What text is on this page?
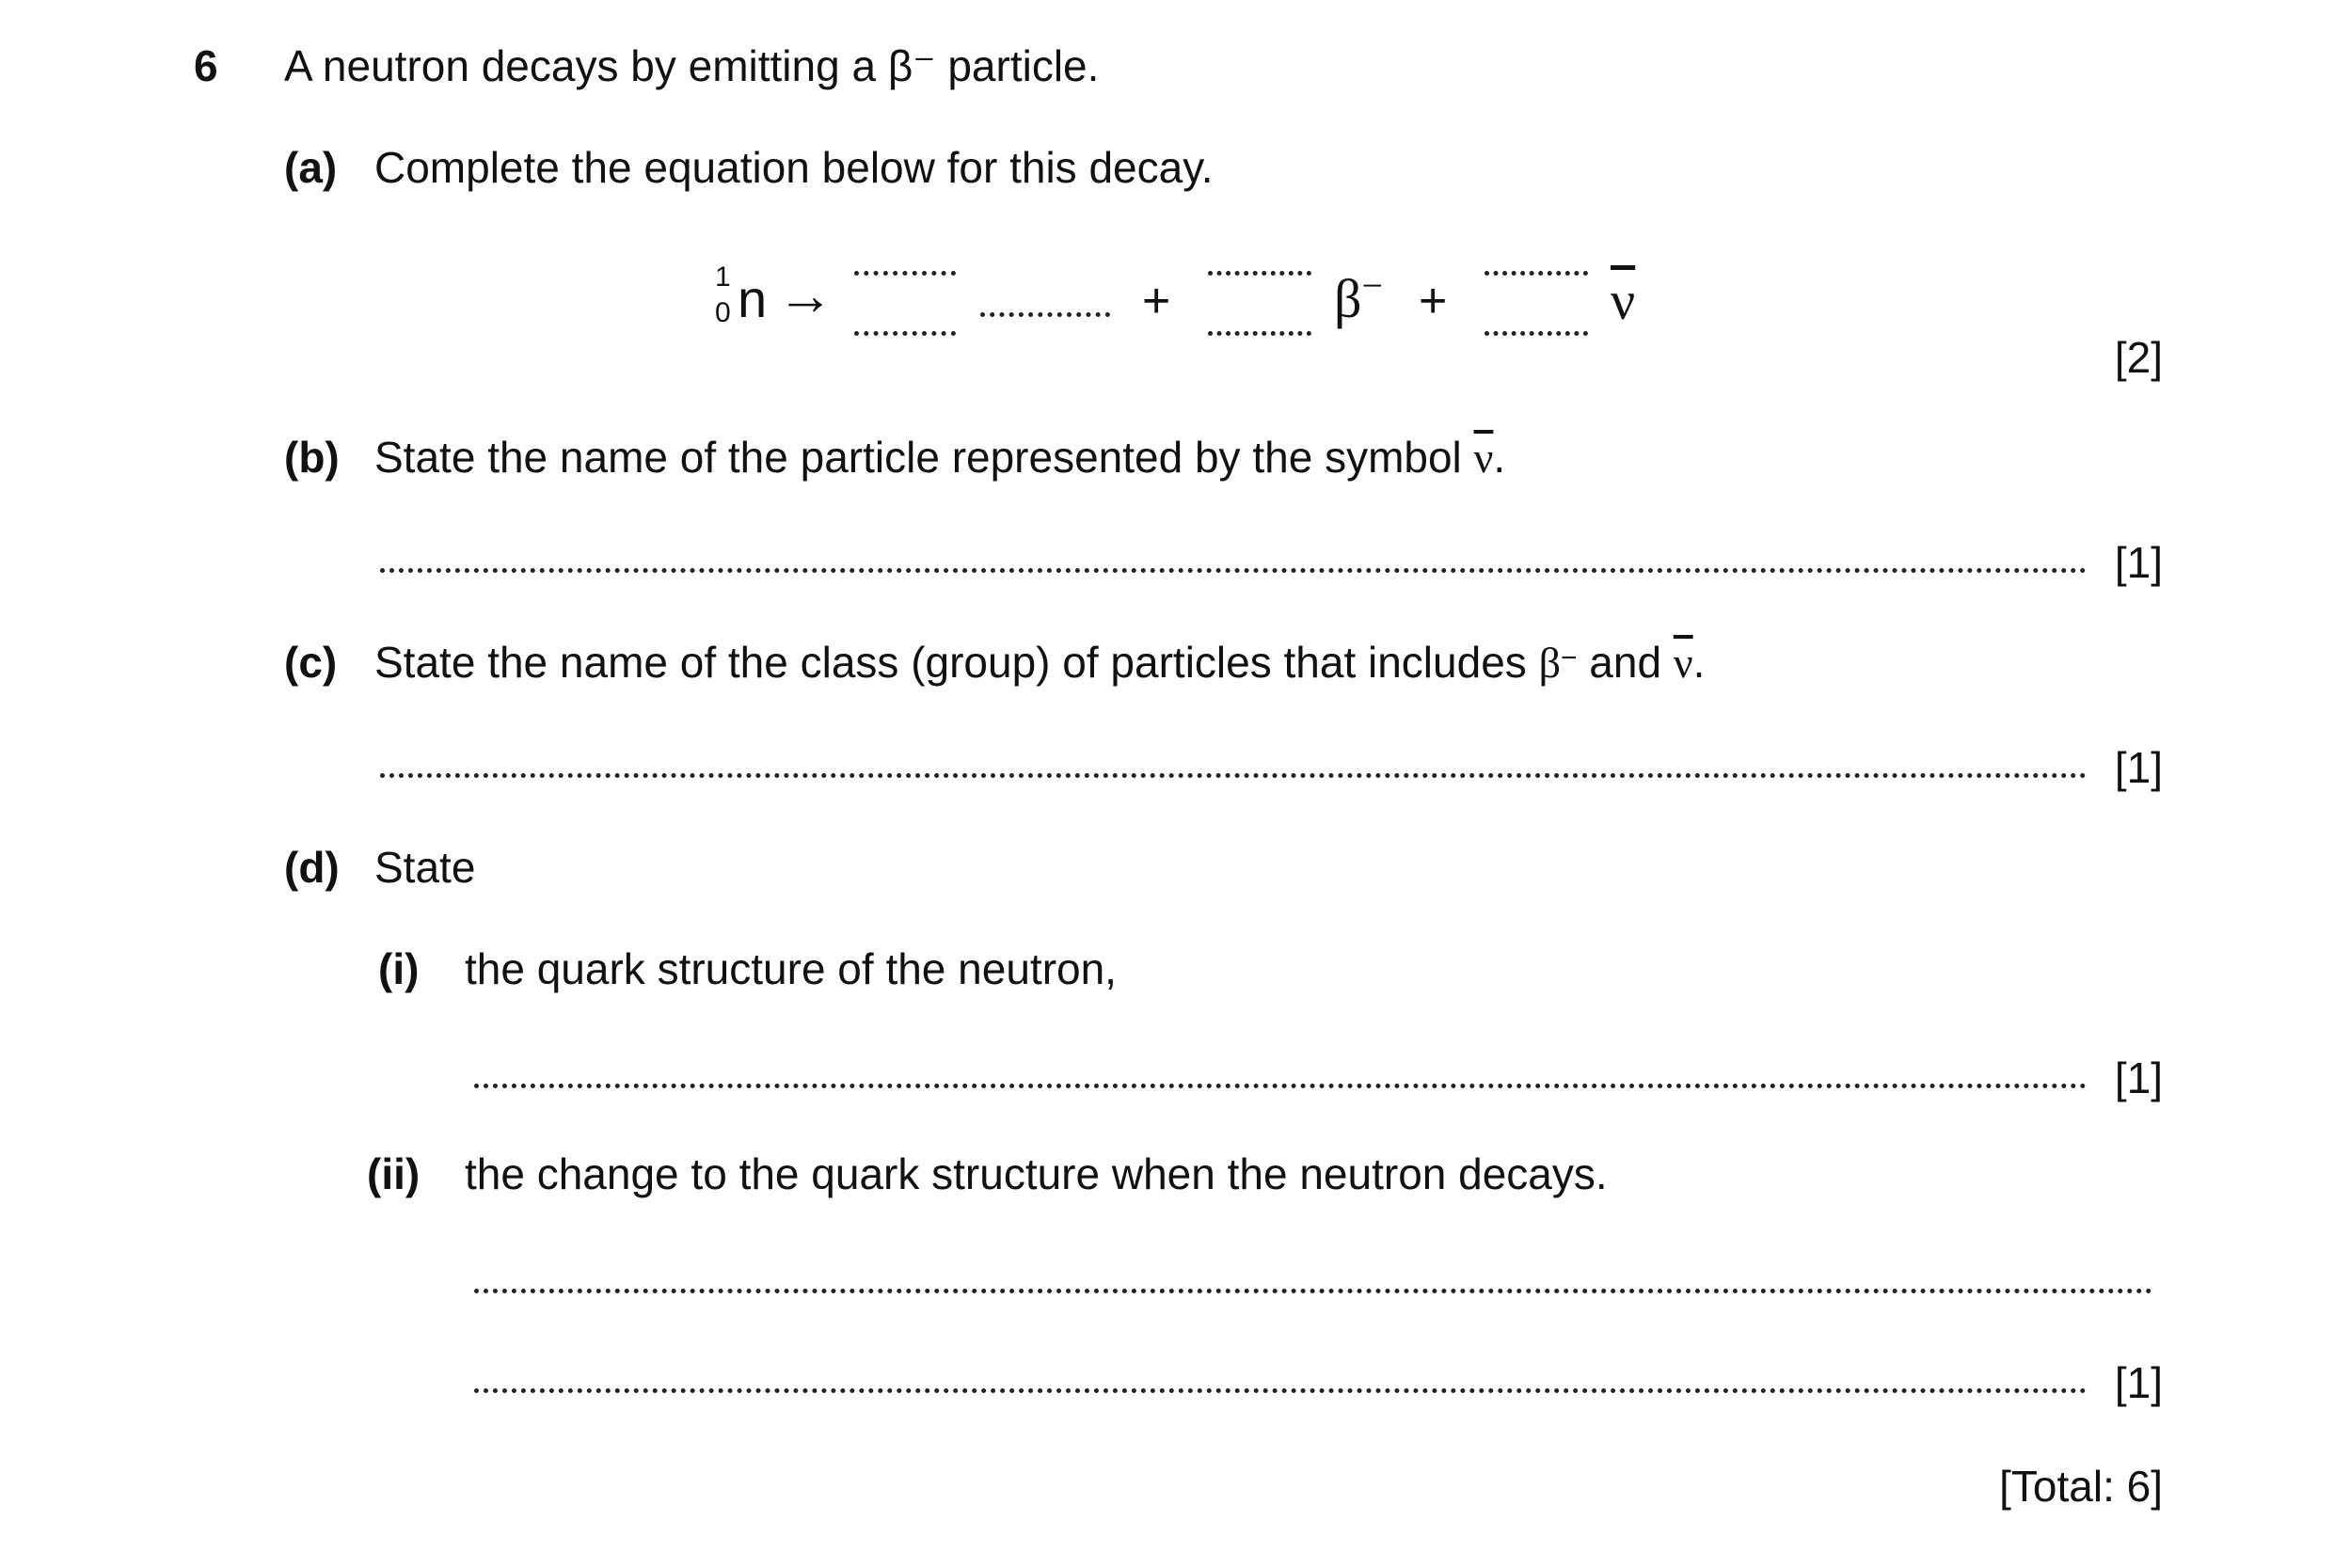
6 A neutron decays by emitting a β⁻ particle.
(a) Complete the equation below for this decay.
1
0 n →	+	β− +	$\overline{\nu}$
[2]
(b) State the name of the particle represented by the symbol $\overline{\nu}$.
[1]
(c) State the name of the class (group) of particles that includes β− and $\overline{\nu}$.
[1]
(d) State
(i) the quark structure of the neutron,
[1]
(ii) the change to the quark structure when the neutron decays.
[1]
[Total: 6]
